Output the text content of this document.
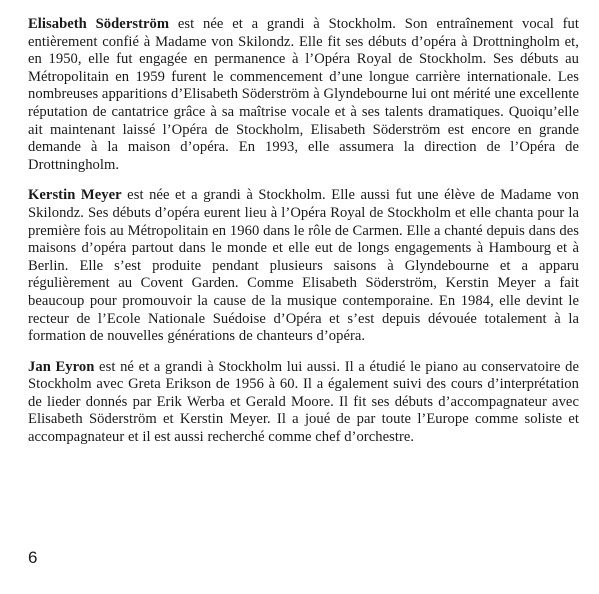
Elisabeth Söderström est née et a grandi à Stockholm. Son entraînement vocal fut entièrement confié à Madame von Skilondz. Elle fit ses débuts d’opéra à Drottningholm et, en 1950, elle fut engagée en permanence à l’Opéra Royal de Stockholm. Ses débuts au Métropolitain en 1959 furent le commencement d’une longue carrière internationale. Les nombreuses apparitions d’Elisabeth Söderström à Glyndebourne lui ont mérité une excellente réputation de cantatrice grâce à sa maîtrise vocale et à ses talents dramatiques. Quoiqu’elle ait maintenant laissé l’Opéra de Stockholm, Elisabeth Söderström est encore en grande demande à la maison d’opéra. En 1993, elle assumera la direction de l’Opéra de Drottningholm.

Kerstin Meyer est née et a grandi à Stockholm. Elle aussi fut une élève de Madame von Skilondz. Ses débuts d’opéra eurent lieu à l’Opéra Royal de Stockholm et elle chanta pour la première fois au Métropolitain en 1960 dans le rôle de Carmen. Elle a chanté depuis dans des maisons d’opéra partout dans le monde et elle eut de longs engagements à Hambourg et à Berlin. Elle s’est produite pendant plusieurs saisons à Glyndebourne et a apparu régulièrement au Covent Garden. Comme Elisabeth Söderström, Kerstin Meyer a fait beaucoup pour promouvoir la cause de la musique contemporaine. En 1984, elle devint le recteur de l’Ecole Nationale Suédoise d’Opéra et s’est depuis dévouée totalement à la formation de nouvelles générations de chanteurs d’opéra.

Jan Eyron est né et a grandi à Stockholm lui aussi. Il a étudié le piano au conservatoire de Stockholm avec Greta Erikson de 1956 à 60. Il a également suivi des cours d’interprétation de lieder donnés par Erik Werba et Gerald Moore. Il fit ses débuts d’accompagnateur avec Elisabeth Söderström et Kerstin Meyer. Il a joué de par toute l’Europe comme soliste et accompagnateur et il est aussi recherché comme chef d’orchestre.

6
